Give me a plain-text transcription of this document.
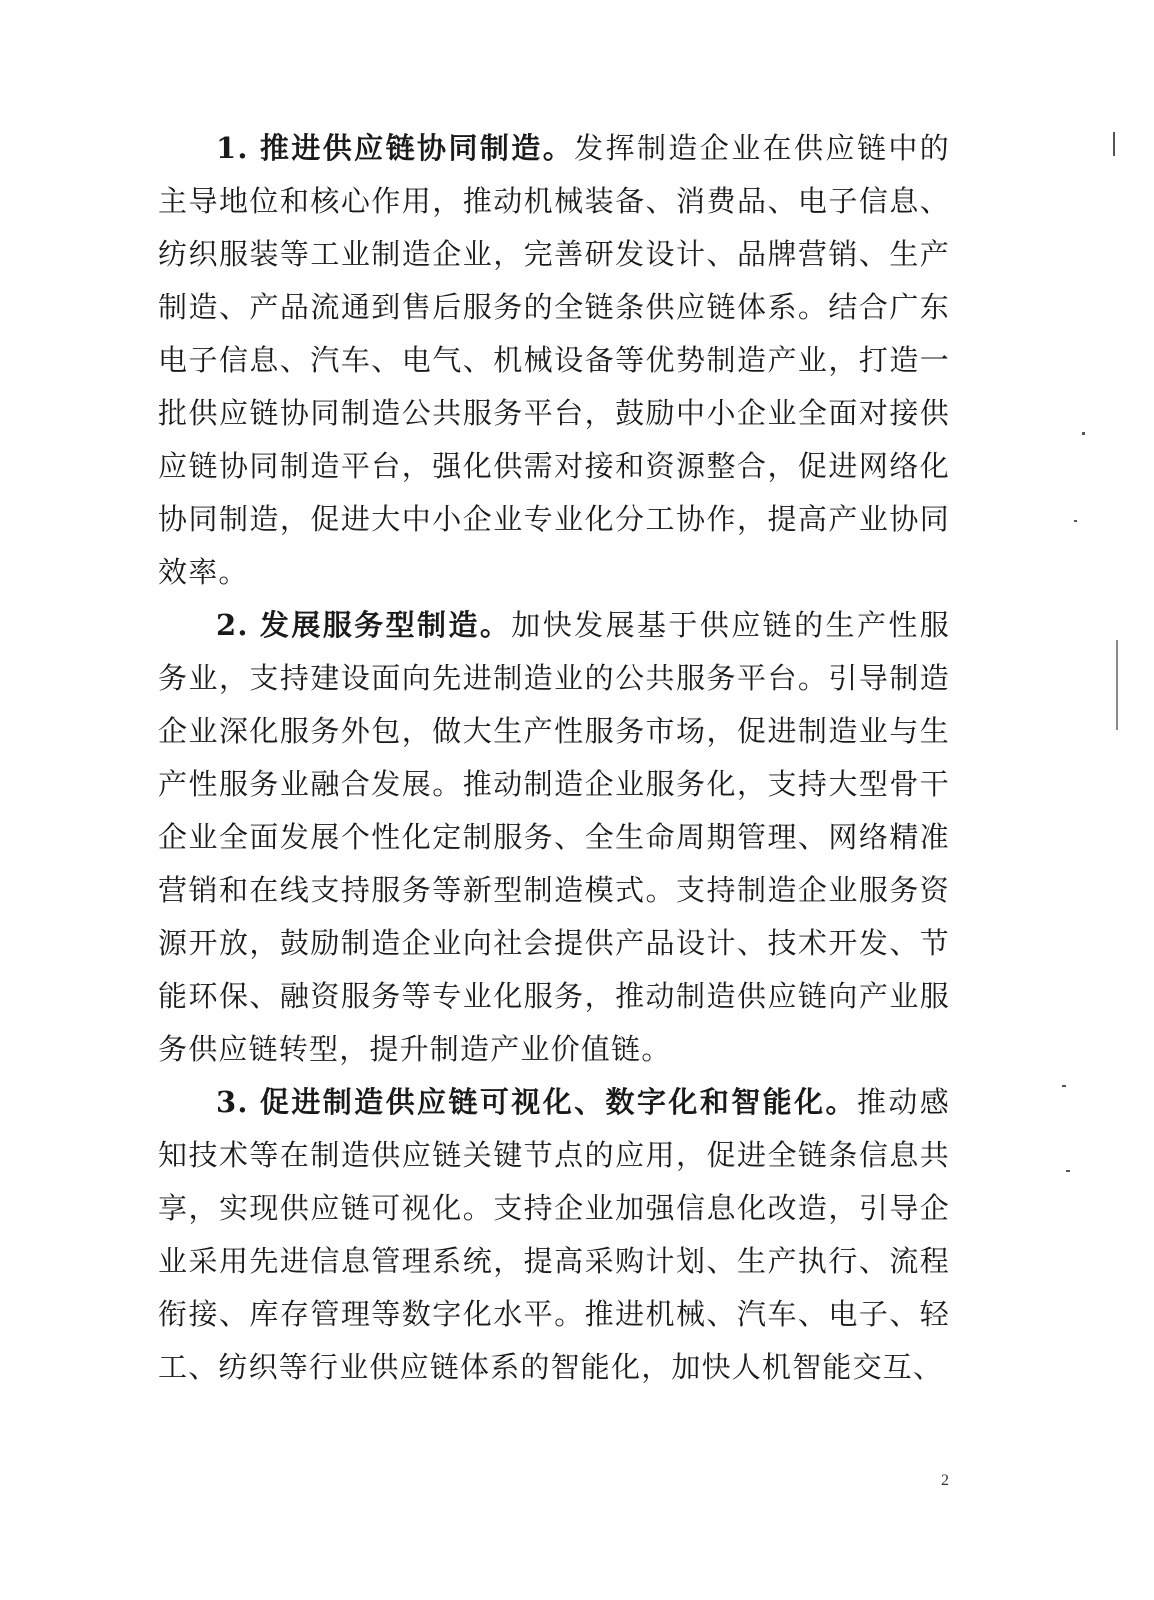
1. 推进供应链协同制造。发挥制造企业在供应链中的主导地位和核心作用，推动机械装备、消费品、电子信息、纺织服装等工业制造企业，完善研发设计、品牌营销、生产制造、产品流通到售后服务的全链条供应链体系。结合广东电子信息、汽车、电气、机械设备等优势制造产业，打造一批供应链协同制造公共服务平台，鼓励中小企业全面对接供应链协同制造平台，强化供需对接和资源整合，促进网络化协同制造，促进大中小企业专业化分工协作，提高产业协同效率。

2. 发展服务型制造。加快发展基于供应链的生产性服务业，支持建设面向先进制造业的公共服务平台。引导制造企业深化服务外包，做大生产性服务市场，促进制造业与生产性服务业融合发展。推动制造企业服务化，支持大型骨干企业全面发展个性化定制服务、全生命周期管理、网络精准营销和在线支持服务等新型制造模式。支持制造企业服务资源开放，鼓励制造企业向社会提供产品设计、技术开发、节能环保、融资服务等专业化服务，推动制造供应链向产业服务供应链转型，提升制造产业价值链。

3. 促进制造供应链可视化、数字化和智能化。推动感知技术等在制造供应链关键节点的应用，促进全链条信息共享，实现供应链可视化。支持企业加强信息化改造，引导企业采用先进信息管理系统，提高采购计划、生产执行、流程衔接、库存管理等数字化水平。推进机械、汽车、电子、轻工、纺织等行业供应链体系的智能化，加快人机智能交互、

2
